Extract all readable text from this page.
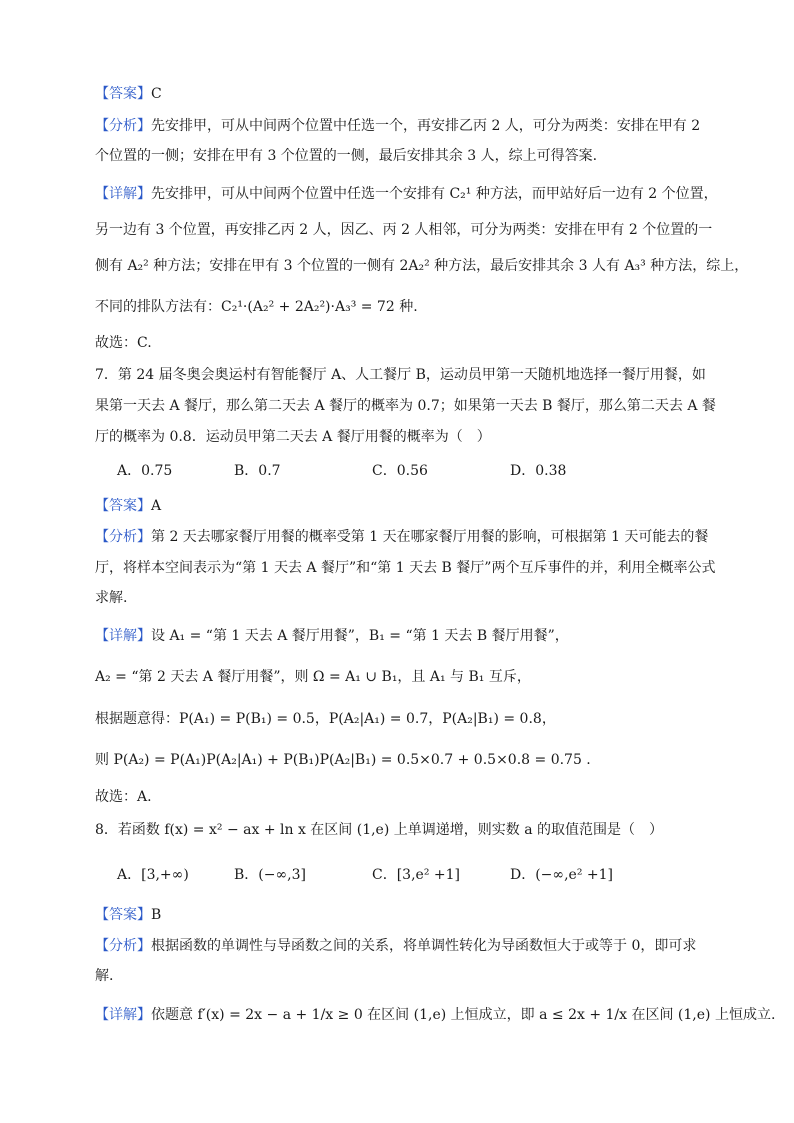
【答案】C
【分析】先安排甲，可从中间两个位置中任选一个，再安排乙丙 2 人，可分为两类：安排在甲有 2
个位置的一侧；安排在甲有 3 个位置的一侧，最后安排其余 3 人，综上可得答案.
【详解】先安排甲，可从中间两个位置中任选一个安排有 C₂¹ 种方法，而甲站好后一边有 2 个位置，
另一边有 3 个位置，再安排乙丙 2 人，因乙、丙 2 人相邻，可分为两类：安排在甲有 2 个位置的一
侧有 A₂² 种方法；安排在甲有 3 个位置的一侧有 2A₂² 种方法，最后安排其余 3 人有 A₃³ 种方法，综上，
不同的排队方法有：C₂¹·(A₂² + 2A₂²)·A₃³ = 72 种.
故选：C.
7．第 24 届冬奥会奥运村有智能餐厅 A、人工餐厅 B，运动员甲第一天随机地选择一餐厅用餐，如
果第一天去 A 餐厅，那么第二天去 A 餐厅的概率为 0.7；如果第一天去 B 餐厅，那么第二天去 A 餐
厅的概率为 0.8．运动员甲第二天去 A 餐厅用餐的概率为（　）
A．0.75	B．0.7	C．0.56	D．0.38
【答案】A
【分析】第 2 天去哪家餐厅用餐的概率受第 1 天在哪家餐厅用餐的影响，可根据第 1 天可能去的餐
厅，将样本空间表示为“第 1 天去 A 餐厅”和“第 1 天去 B 餐厅”两个互斥事件的并，利用全概率公式
求解.
【详解】设 A₁ = “第 1 天去 A 餐厅用餐”，B₁ = “第 1 天去 B 餐厅用餐”，
A₂ = “第 2 天去 A 餐厅用餐”，则 Ω = A₁ ∪ B₁，且 A₁ 与 B₁ 互斥，
根据题意得：P(A₁) = P(B₁) = 0.5，P(A₂|A₁) = 0.7，P(A₂|B₁) = 0.8，
则 P(A₂) = P(A₁)P(A₂|A₁) + P(B₁)P(A₂|B₁) = 0.5×0.7 + 0.5×0.8 = 0.75 .
故选：A.
8．若函数 f(x) = x² − ax + ln x 在区间 (1,e) 上单调递增，则实数 a 的取值范围是（　）
A．[3,+∞)	B．(−∞,3]	C．[3,e² +1]	D．(−∞,e² +1]
【答案】B
【分析】根据函数的单调性与导函数之间的关系，将单调性转化为导函数恒大于或等于 0，即可求
解.
【详解】依题意 f′(x) = 2x − a + 1/x ≥ 0 在区间 (1,e) 上恒成立，即 a ≤ 2x + 1/x 在区间 (1,e) 上恒成立.
